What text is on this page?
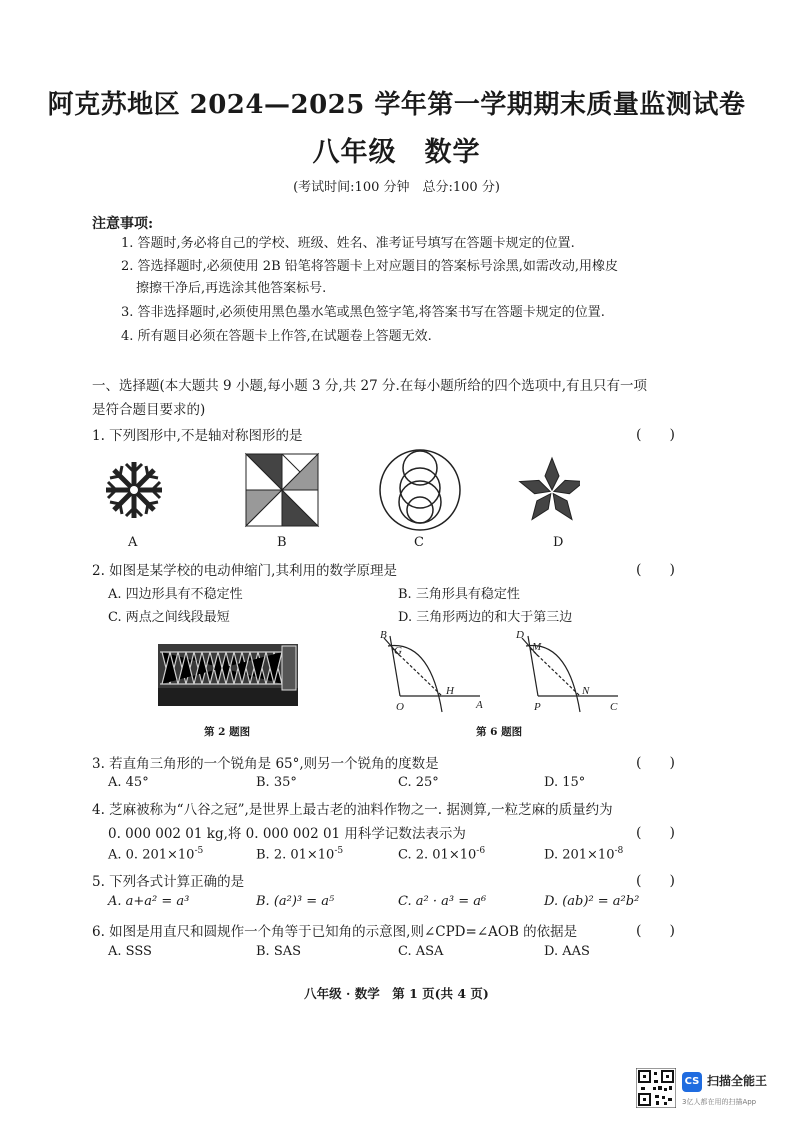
阿克苏地区 2024—2025 学年第一学期期末质量监测试卷
八年级 数学
(考试时间:100 分钟　总分:100 分)
注意事项:
1. 答题时,务必将自己的学校、班级、姓名、准考证号填写在答题卡规定的位置.
2. 答选择题时,必须使用 2B 铅笔将答题卡上对应题目的答案标号涂黑,如需改动,用橡皮
擦擦干净后,再选涂其他答案标号.
3. 答非选择题时,必须使用黑色墨水笔或黑色签字笔,将答案书写在答题卡规定的位置.
4. 所有题目必须在答题卡上作答,在试题卷上答题无效.
一、选择题(本大题共 9 小题,每小题 3 分,共 27 分.在每小题所给的四个选项中,有且只有一项
是符合题目要求的)
1. 下列图形中,不是轴对称图形的是	(　　)
A	B	C	D
2. 如图是某学校的电动伸缩门,其利用的数学原理是	(　　)
A. 四边形具有不稳定性	B. 三角形具有稳定性
C. 两点之间线段最短	D. 三角形两边的和大于第三边
第 2 题图
B
G
H
A
O
D
M
N
C
P
第 6 题图
3. 若直角三角形的一个锐角是 65°,则另一个锐角的度数是	(　　)
A. 45°	B. 35°	C. 25°	D. 15°
4. 芝麻被称为“八谷之冠”,是世界上最古老的油料作物之一. 据测算,一粒芝麻的质量约为
0. 000 002 01 kg,将 0. 000 002 01 用科学记数法表示为	(　　)
A. 0. $201\times 10^{-5}$	B. 2. $01\times 10^{-5}$	C. 2. $01\times 10^{-6}$	D. $201\times 10^{-8}$
5. 下列各式计算正确的是	(　　)
A. a+a² = a³	B. (a²)³ = a⁵	C. a² · a³ = a⁶	D. (ab)² = a²b²
6. 如图是用直尺和圆规作一个角等于已知角的示意图,则∠CPD=∠AOB 的依据是	(　　)
A. SSS	B. SAS	C. ASA	D. AAS
八年级 · 数学　第 1 页(共 4 页)
CS 扫描全能王
3亿人都在用的扫描App
